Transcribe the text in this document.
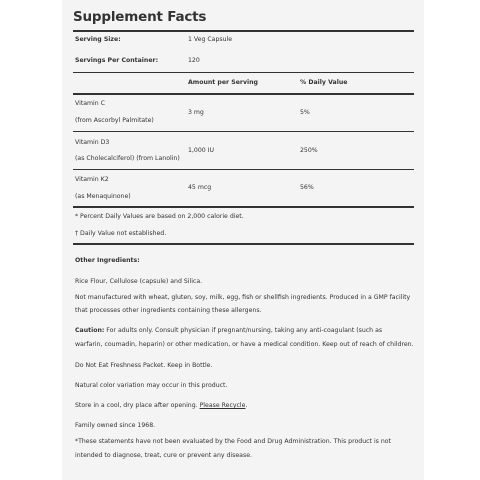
Supplement Facts
Serving Size:	1 Veg Capsule
Servings Per Container:	120
Amount per Serving	% Daily Value
Vitamin C
(from Ascorbyl Palmitate)
3 mg	5%
Vitamin D3
(as Cholecalciferol) (from Lanolin)
1,000 IU	250%
Vitamin K2
(as Menaquinone)
45 mcg	56%
* Percent Daily Values are based on 2,000 calorie diet.
† Daily Value not established.
Other Ingredients:
Rice Flour, Cellulose (capsule) and Silica.
Not manufactured with wheat, gluten, soy, milk, egg, fish or shellfish ingredients. Produced in a GMP facility
that processes other ingredients containing these allergens.
Caution: For adults only. Consult physician if pregnant/nursing, taking any anti-coagulant (such as
warfarin, coumadin, heparin) or other medication, or have a medical condition. Keep out of reach of children.
Do Not Eat Freshness Packet. Keep in Bottle.
Natural color variation may occur in this product.
Store in a cool, dry place after opening. Please Recycle.
Family owned since 1968.
*These statements have not been evaluated by the Food and Drug Administration. This product is not
intended to diagnose, treat, cure or prevent any disease.
